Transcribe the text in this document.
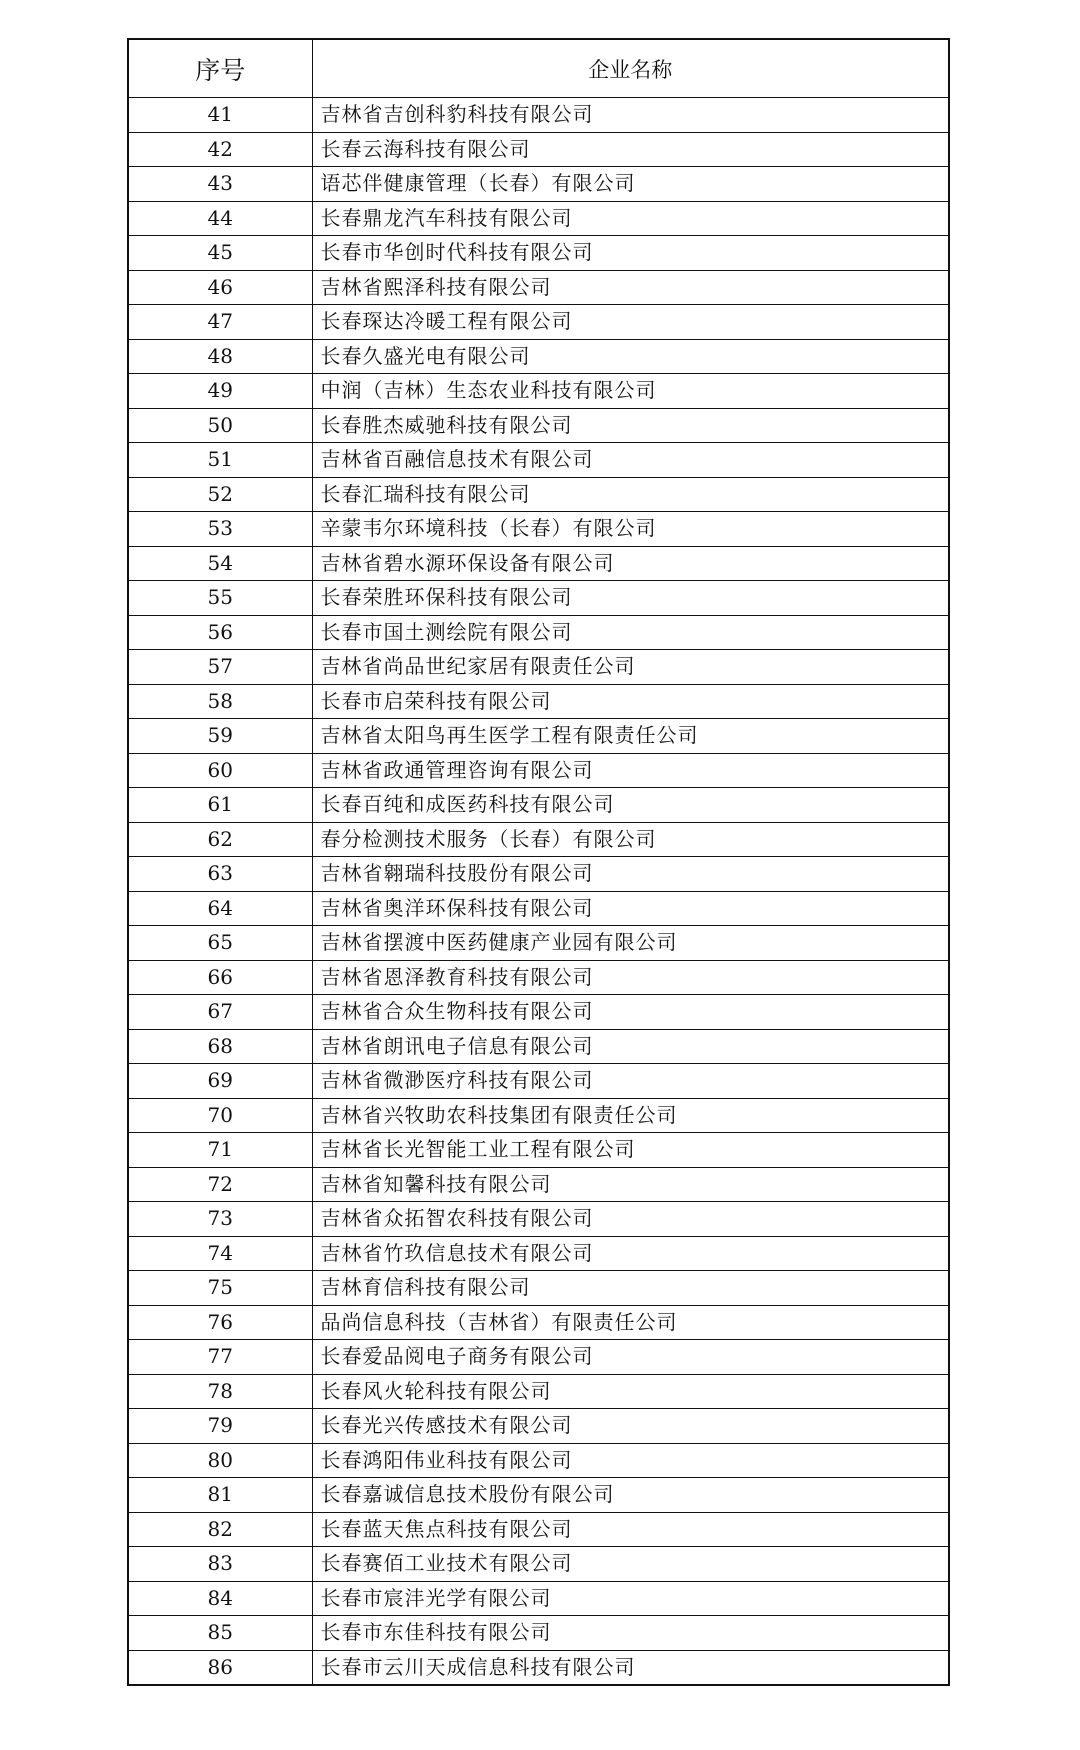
序号	企业名称
41	吉林省吉创科豹科技有限公司
42	长春云海科技有限公司
43	语芯伴健康管理（长春）有限公司
44	长春鼎龙汽车科技有限公司
45	长春市华创时代科技有限公司
46	吉林省熙泽科技有限公司
47	长春琛达冷暖工程有限公司
48	长春久盛光电有限公司
49	中润（吉林）生态农业科技有限公司
50	长春胜杰威驰科技有限公司
51	吉林省百融信息技术有限公司
52	长春汇瑞科技有限公司
53	辛蒙韦尔环境科技（长春）有限公司
54	吉林省碧水源环保设备有限公司
55	长春荣胜环保科技有限公司
56	长春市国土测绘院有限公司
57	吉林省尚品世纪家居有限责任公司
58	长春市启荣科技有限公司
59	吉林省太阳鸟再生医学工程有限责任公司
60	吉林省政通管理咨询有限公司
61	长春百纯和成医药科技有限公司
62	春分检测技术服务（长春）有限公司
63	吉林省翱瑞科技股份有限公司
64	吉林省奥洋环保科技有限公司
65	吉林省摆渡中医药健康产业园有限公司
66	吉林省恩泽教育科技有限公司
67	吉林省合众生物科技有限公司
68	吉林省朗讯电子信息有限公司
69	吉林省微渺医疗科技有限公司
70	吉林省兴牧助农科技集团有限责任公司
71	吉林省长光智能工业工程有限公司
72	吉林省知馨科技有限公司
73	吉林省众拓智农科技有限公司
74	吉林省竹玖信息技术有限公司
75	吉林育信科技有限公司
76	品尚信息科技（吉林省）有限责任公司
77	长春爱品阅电子商务有限公司
78	长春风火轮科技有限公司
79	长春光兴传感技术有限公司
80	长春鸿阳伟业科技有限公司
81	长春嘉诚信息技术股份有限公司
82	长春蓝天焦点科技有限公司
83	长春赛佰工业技术有限公司
84	长春市宸沣光学有限公司
85	长春市东佳科技有限公司
86	长春市云川天成信息科技有限公司
